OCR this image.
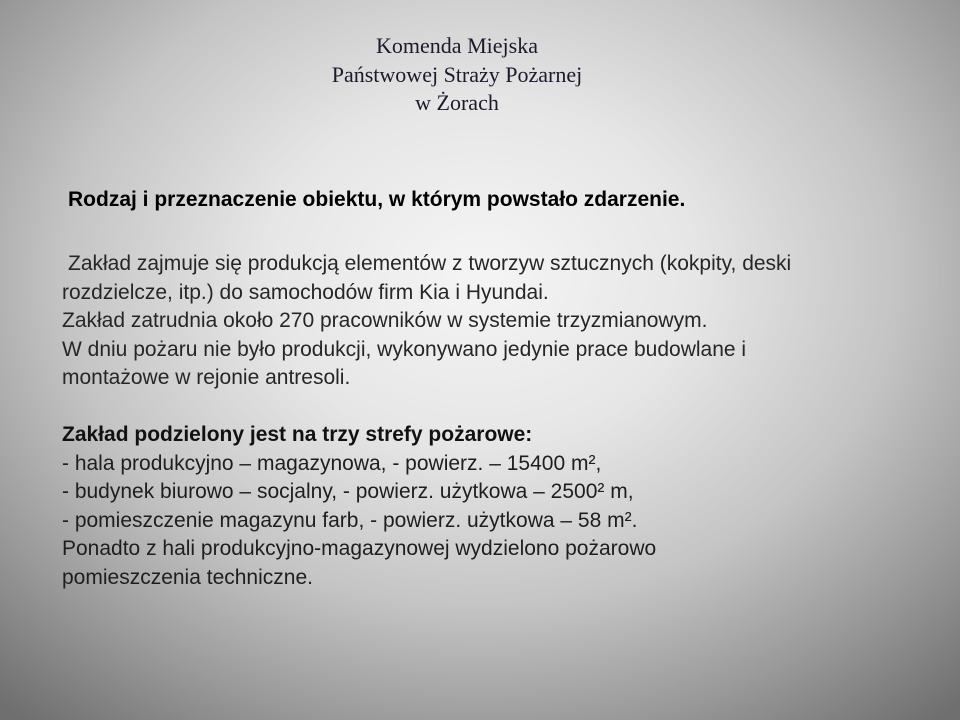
Komenda Miejska
Państwowej Straży Pożarnej
w Żorach
Rodzaj i przeznaczenie obiektu, w którym powstało zdarzenie.
Zakład zajmuje się produkcją elementów z tworzyw sztucznych (kokpity, deski
rozdzielcze, itp.) do samochodów firm Kia i Hyundai.
Zakład zatrudnia około 270 pracowników w systemie trzyzmianowym.
W dniu pożaru nie było produkcji, wykonywano jedynie prace budowlane i
montażowe w rejonie antresoli.
Zakład podzielony jest na trzy strefy pożarowe:
- hala produkcyjno – magazynowa, - powierz. – 15400 m²,
- budynek biurowo – socjalny, - powierz. użytkowa – 2500² m,
- pomieszczenie magazynu farb, - powierz. użytkowa – 58 m².
Ponadto z hali produkcyjno-magazynowej wydzielono pożarowo
pomieszczenia techniczne.
